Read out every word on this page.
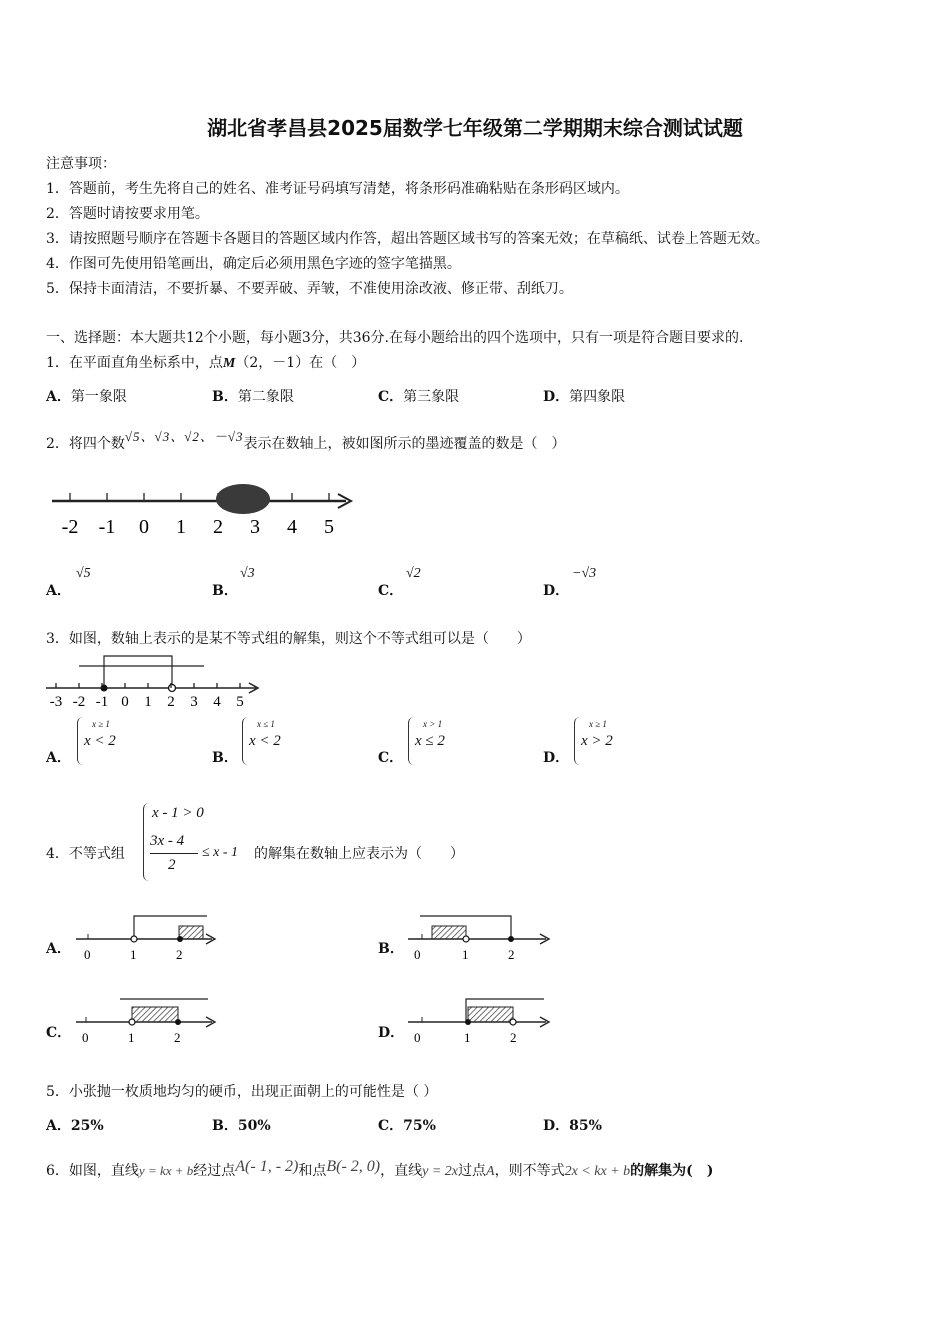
湖北省孝昌县2025届数学七年级第二学期期末综合测试试题
注意事项：
1．答题前，考生先将自己的姓名、准考证号码填写清楚，将条形码准确粘贴在条形码区域内。
2．答题时请按要求用笔。
3．请按照题号顺序在答题卡各题目的答题区域内作答，超出答题区域书写的答案无效；在草稿纸、试卷上答题无效。
4．作图可先使用铅笔画出，确定后必须用黑色字迹的签字笔描黑。
5．保持卡面清洁，不要折暴、不要弄破、弄皱，不准使用涂改液、修正带、刮纸刀。
一、选择题：本大题共12个小题，每小题3分，共36分.在每小题给出的四个选项中，只有一项是符合题目要求的.
1．在平面直角坐标系中，点M（2，－1）在（　）
A．第一象限	B．第二象限	C．第三象限	D．第四象限
2．将四个数√5、√3、√2、－√3表示在数轴上，被如图所示的墨迹覆盖的数是（　）
-2 -1 0 1 2 3 4 5
A．
√5
B．
√3
C．
√2
D．
−√3
3．如图，数轴上表示的是某不等式组的解集，则这个不等式组可以是（　　）
-3 -2 -1 0 1 2 3 4 5
A．
x ≥ 1
x < 2
B．
x ≤ 1
x < 2
C．
x > 1
x ≤ 2
D．
x ≥ 1
x > 2
4．不等式组
x - 1 > 0
3x - 4
2
≤ x - 1 的解集在数轴上应表示为（　　）
A． 0	1	2	B． 0	1	2
C． 0	1	2	D． 0	1	2
5．小张抛一枚质地均匀的硬币，出现正面朝上的可能性是（ ）
A．25%	B．50%	C．75%	D．85%
6．如图，直线y = kx + b经过点A(- 1, - 2)和点B(- 2, 0)，直线y = 2x过点A，则不等式2x < kx + b的解集为(　)
